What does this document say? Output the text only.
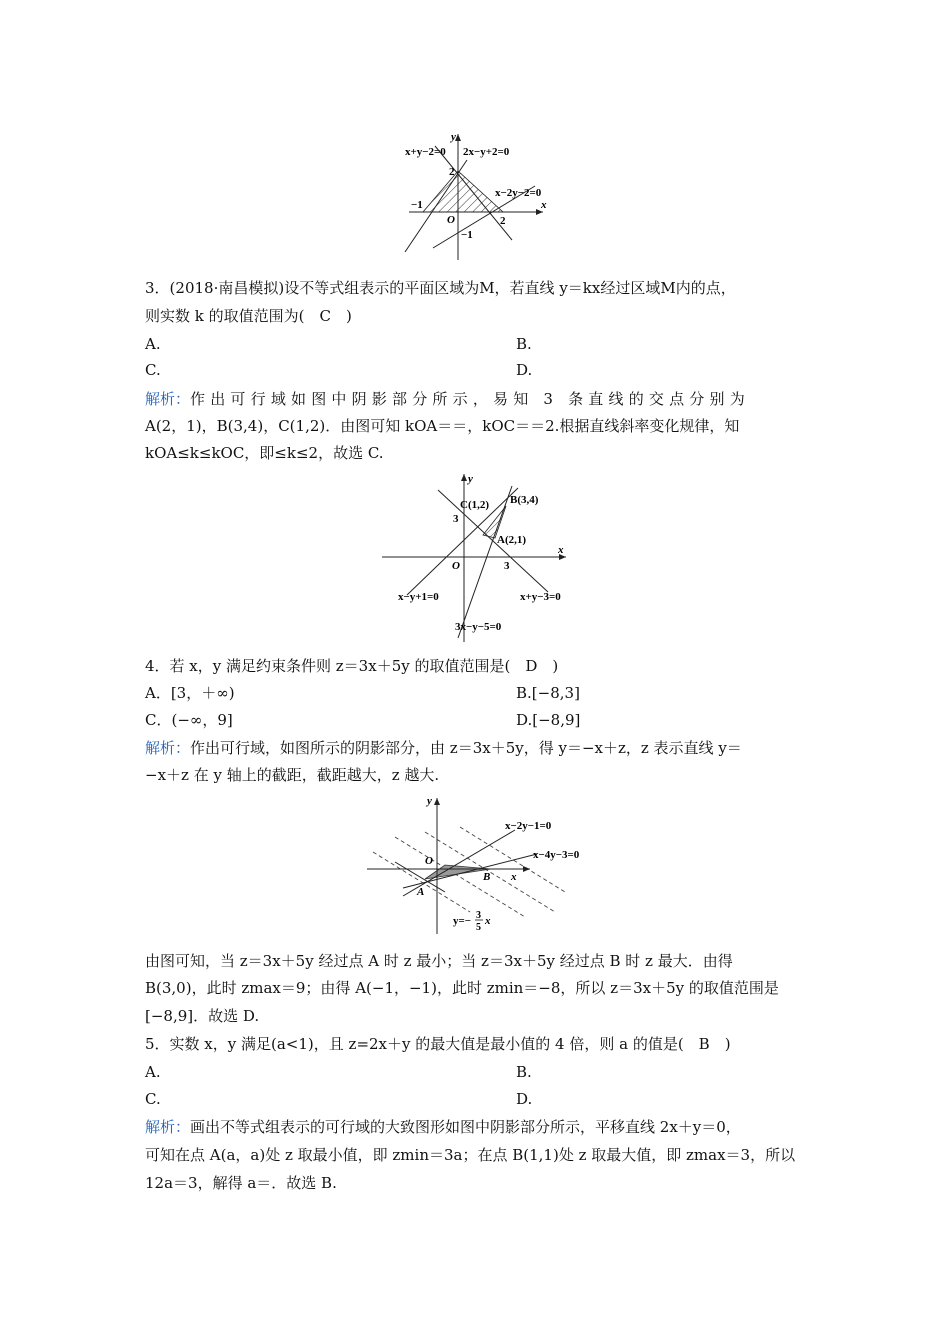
x+y−2=0 2x−y+2=0
x−2y−2=0
y
x
O
2
−1
2
−1
3．(2018·南昌模拟)设不等式组表示的平面区域为M，若直线 y＝kx经过区域M内的点，
则实数 k 的取值范围为(　C　)
A.	B.
C.	D.
解析：作出可行域如图中阴影部分所示，易知 3 条直线的交点分别为
A(2，1)，B(3,4)，C(1,2)．由图可知 kOA＝＝，kOC＝＝2.根据直线斜率变化规律，知
kOA≤k≤kOC，即≤k≤2，故选 C.
y
x
O
C(1,2) B(3,4)
A(2,1)
3
3
x−y+1=0	x+y−3=0
3x−y−5=0
4．若 x，y 满足约束条件则 z＝3x＋5y 的取值范围是(　D　)
A．[3，＋∞)	B.[−8,3]
C．(−∞，9]	D.[−8,9]
解析：作出可行域，如图所示的阴影部分，由 z＝3x＋5y，得 y＝−x＋z，z 表示直线 y＝
−x＋z 在 y 轴上的截距，截距越大，z 越大.
y
x
O
A
B
x−2y−1=0
x−4y−3=0
y=− 3
5
x
由图可知，当 z＝3x＋5y 经过点 A 时 z 最小；当 z＝3x＋5y 经过点 B 时 z 最大．由得
B(3,0)，此时 zmax＝9；由得 A(−1，−1)，此时 zmin＝−8，所以 z＝3x＋5y 的取值范围是
[−8,9]．故选 D.
5．实数 x，y 满足(a<1)，且 z=2x＋y 的最大值是最小值的 4 倍，则 a 的值是(　B　)
A.	B.
C.	D.
解析：画出不等式组表示的可行域的大致图形如图中阴影部分所示，平移直线 2x＋y＝0，
可知在点 A(a，a)处 z 取最小值，即 zmin＝3a；在点 B(1,1)处 z 取最大值，即 zmax＝3，所以
12a＝3，解得 a＝．故选 B.
